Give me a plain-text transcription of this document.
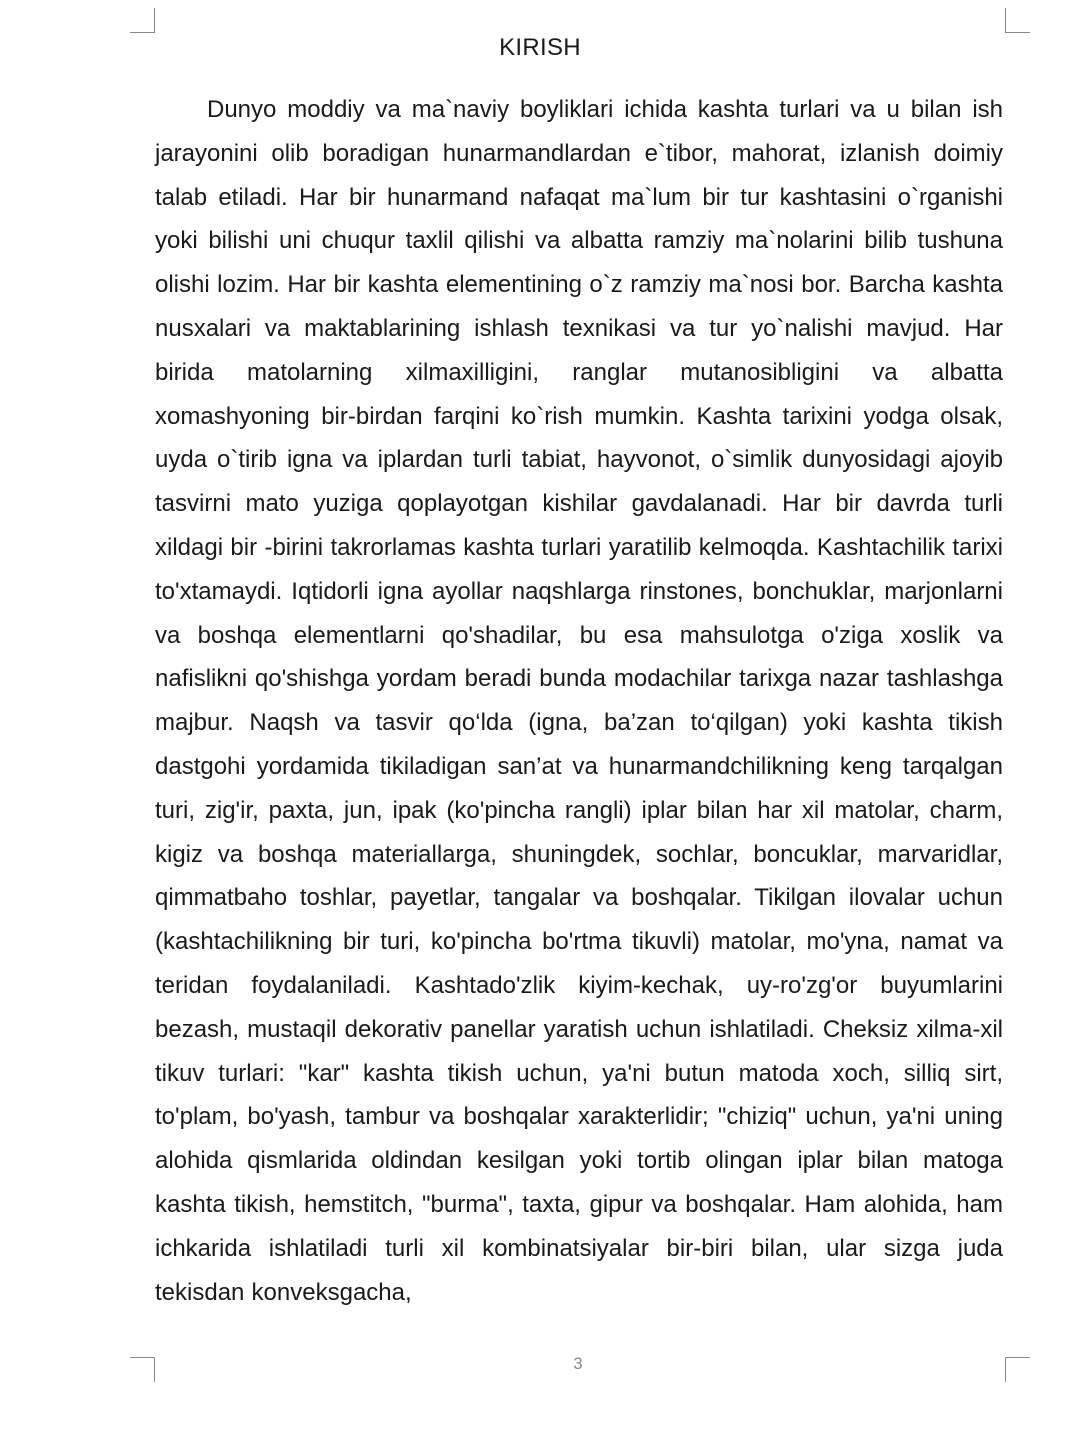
KIRISH

Dunyo moddiy va ma`naviy boyliklari ichida kashta turlari va u bilan ish jarayonini olib boradigan hunarmandlardan e`tibor, mahorat, izlanish doimiy talab etiladi. Har bir hunarmand nafaqat ma`lum bir tur kashtasini o`rganishi yoki bilishi uni chuqur taxlil qilishi va albatta ramziy ma`nolarini bilib tushuna olishi lozim. Har bir kashta elementining o`z ramziy ma`nosi bor. Barcha kashta nusxalari va maktablarining ishlash texnikasi va tur yo`nalishi mavjud. Har birida matolarning xilmaxilligini, ranglar mutanosibligini va albatta xomashyoning bir-birdan farqini ko`rish mumkin. Kashta tarixini yodga olsak, uyda o`tirib igna va iplardan turli tabiat, hayvonot, o`simlik dunyosidagi ajoyib tasvirni mato yuziga qoplayotgan kishilar gavdalanadi. Har bir davrda turli xildagi bir -birini takrorlamas kashta turlari yaratilib kelmoqda. Kashtachilik tarixi to'xtamaydi. Iqtidorli igna ayollar naqshlarga rinstones, bonchuklar, marjonlarni va boshqa elementlarni qo'shadilar, bu esa mahsulotga o'ziga xoslik va nafislikni qo'shishga yordam beradi bunda modachilar tarixga nazar tashlashga majbur. Naqsh va tasvir qo‘lda (igna, ba’zan to‘qilgan) yoki kashta tikish dastgohi yordamida tikiladigan san’at va hunarmandchilikning keng tarqalgan turi, zig'ir, paxta, jun, ipak (ko'pincha rangli) iplar bilan har xil matolar, charm, kigiz va boshqa materiallarga, shuningdek, sochlar, boncuklar, marvaridlar, qimmatbaho toshlar, payetlar, tangalar va boshqalar. Tikilgan ilovalar uchun (kashtachilikning bir turi, ko'pincha bo'rtma tikuvli) matolar, mo'yna, namat va teridan foydalaniladi. Kashtado'zlik kiyim-kechak, uy-ro'zg'or buyumlarini bezash, mustaqil dekorativ panellar yaratish uchun ishlatiladi. Cheksiz xilma-xil tikuv turlari: "kar" kashta tikish uchun, ya'ni butun matoda xoch, silliq sirt, to'plam, bo'yash, tambur va boshqalar xarakterlidir; "chiziq" uchun, ya'ni uning alohida qismlarida oldindan kesilgan yoki tortib olingan iplar bilan matoga kashta tikish, hemstitch, "burma", taxta, gipur va boshqalar. Ham alohida, ham ichkarida ishlatiladi turli xil kombinatsiyalar bir-biri bilan, ular sizga juda tekisdan konveksgacha,

3
